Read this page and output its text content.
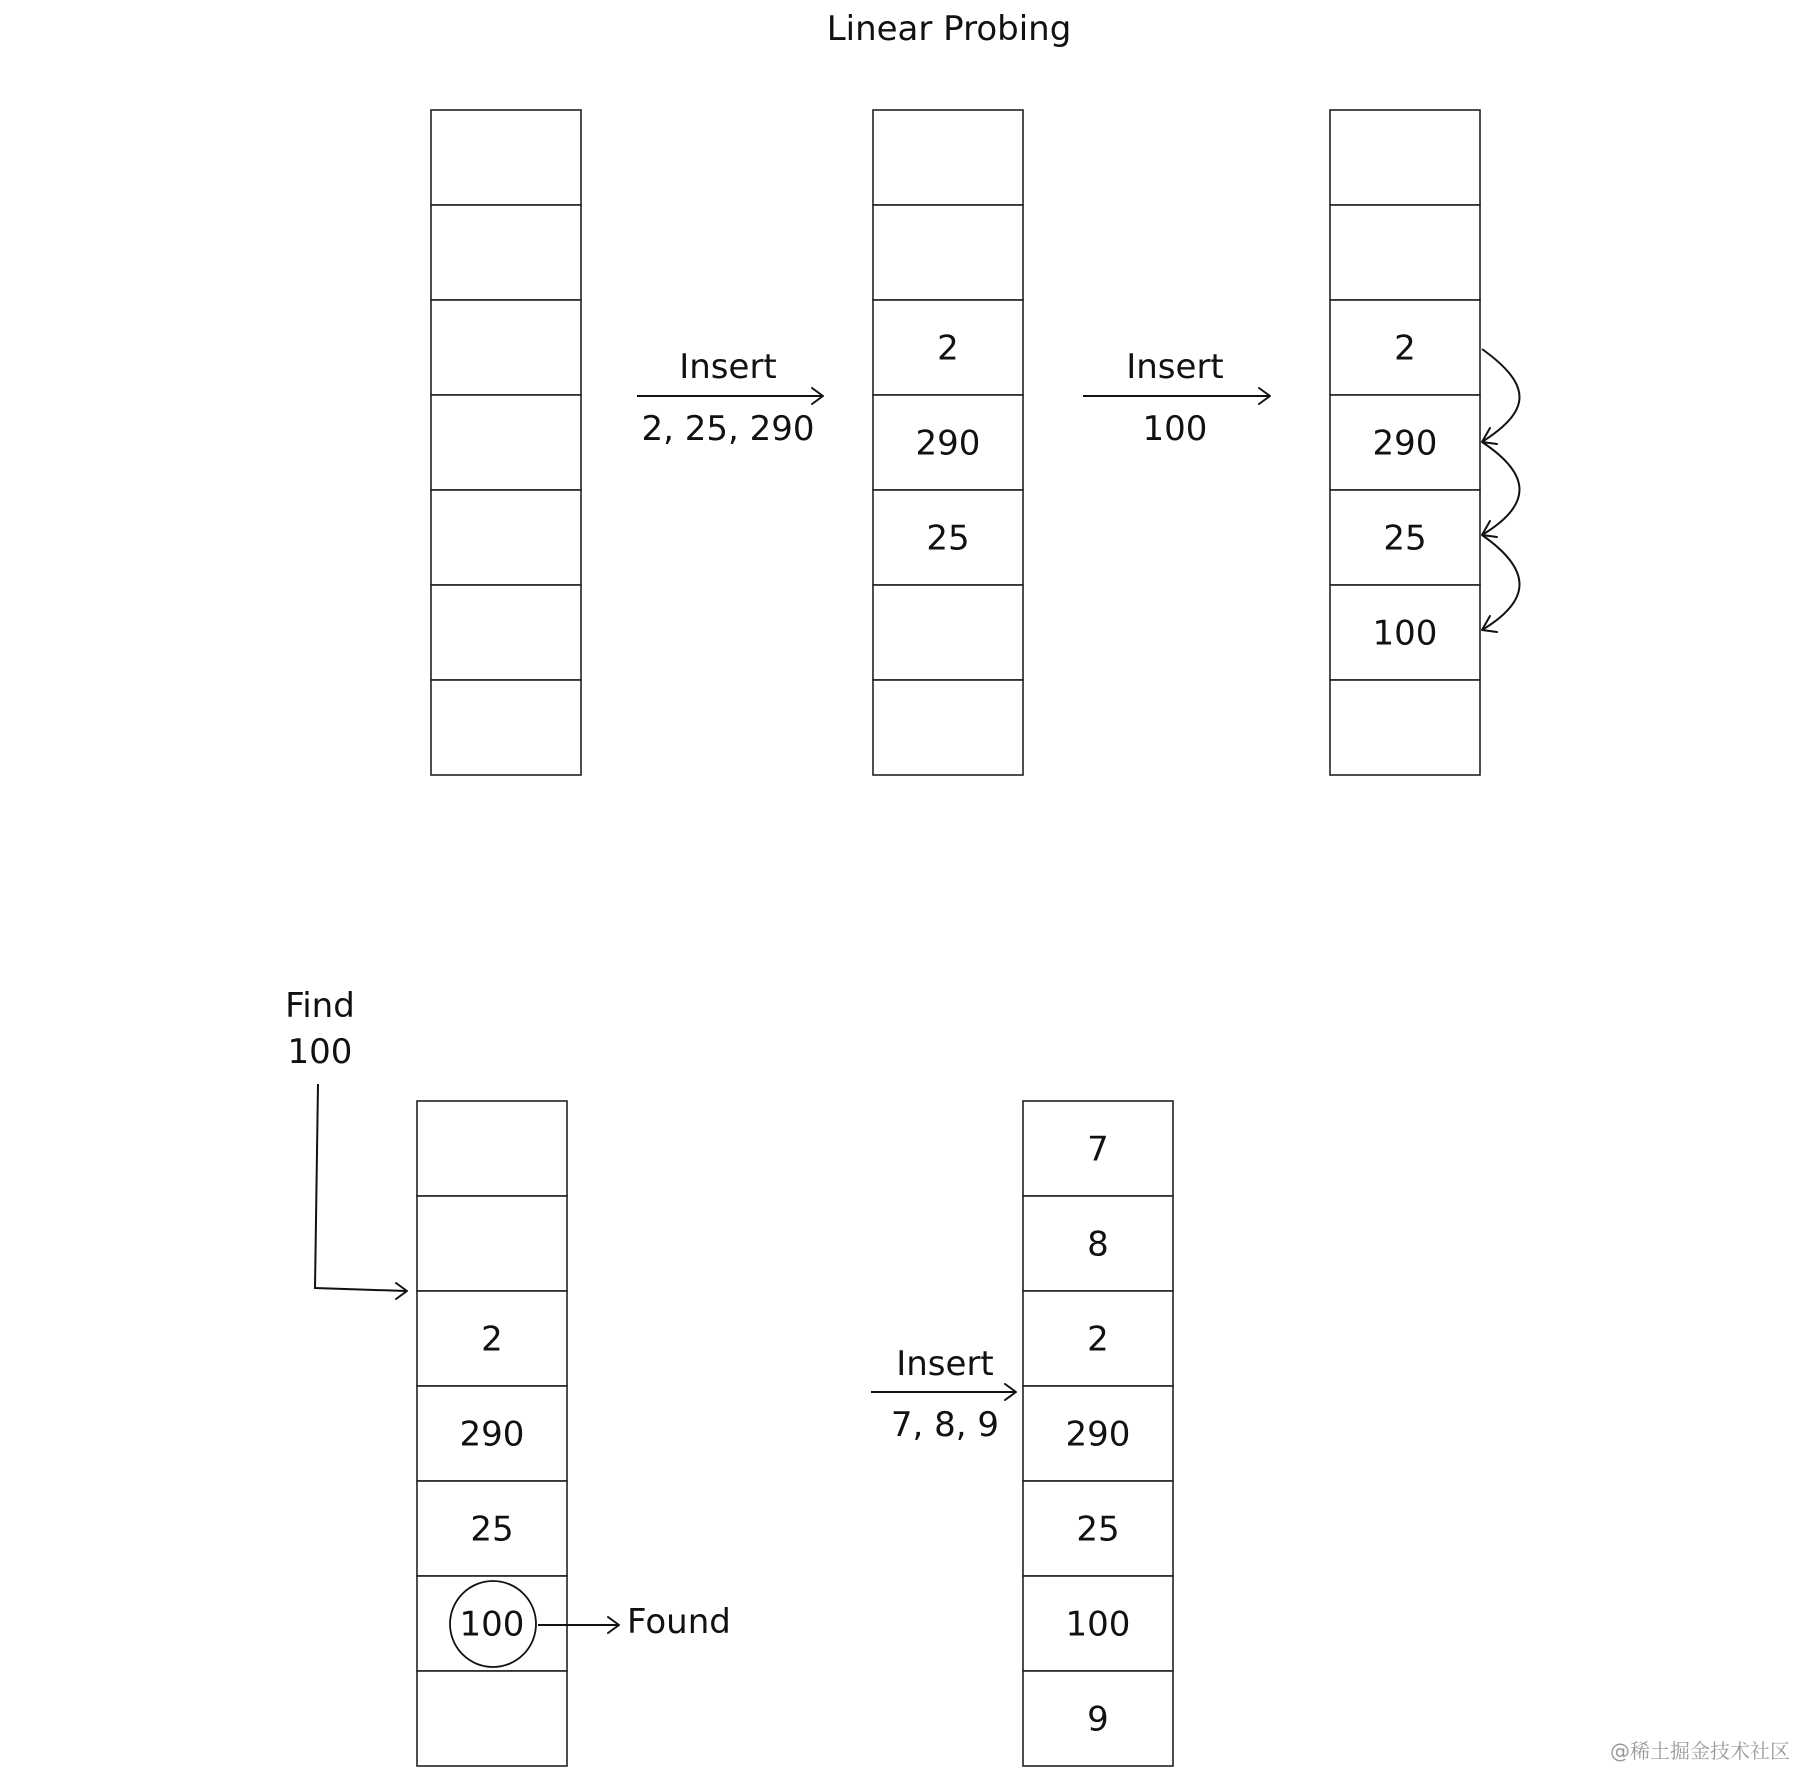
Linear Probing
2
290
25
2
290
25
100
2
290
25
100
7
8
2
290
25
100
9
Insert
2, 25, 290
Insert
100
Find
100
Found
Insert
7, 8, 9
@稀土掘金技术社区
